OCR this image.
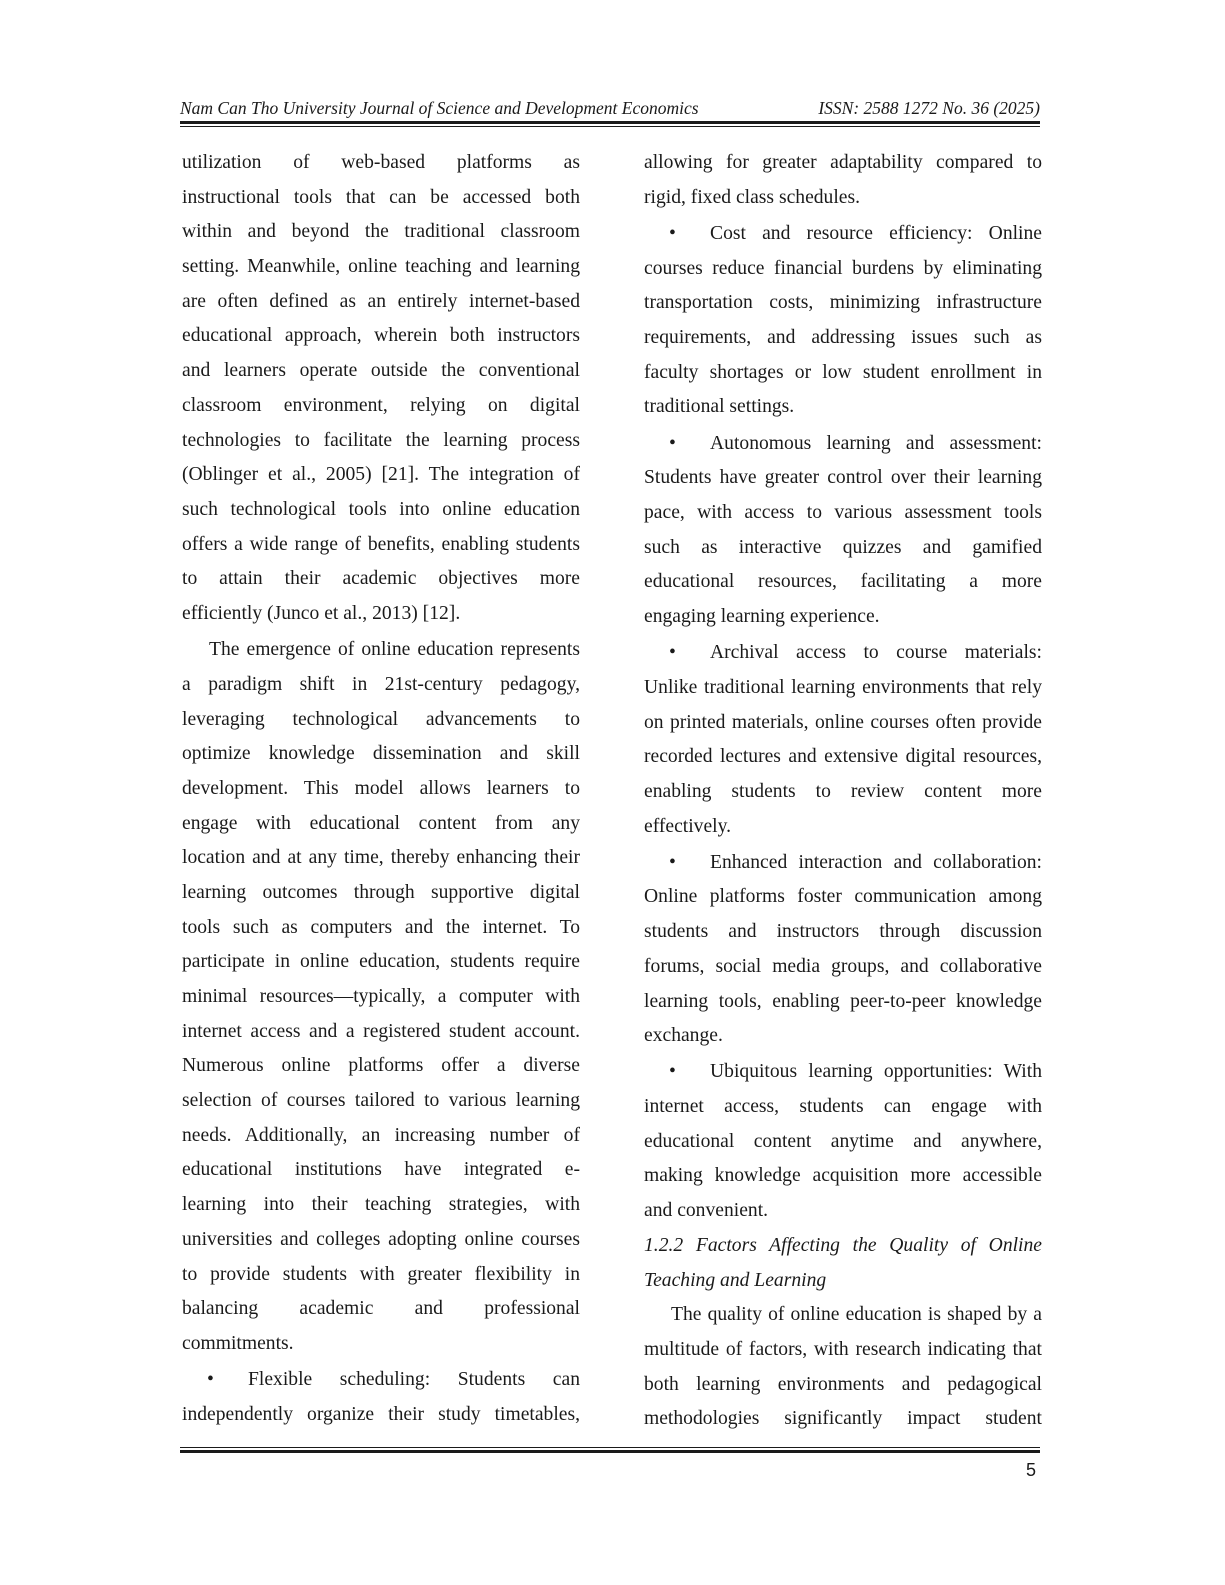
Nam Can Tho University Journal of Science and Development Economics	ISSN: 2588 1272 No. 36 (2025)
utilization of web-based platforms as
instructional tools that can be accessed both
within and beyond the traditional classroom
setting. Meanwhile, online teaching and learning
are often defined as an entirely internet-based
educational approach, wherein both instructors
and learners operate outside the conventional
classroom environment, relying on digital
technologies to facilitate the learning process
(Oblinger et al., 2005) [21]. The integration of
such technological tools into online education
offers a wide range of benefits, enabling students
to attain their academic objectives more
efficiently (Junco et al., 2013) [12].
The emergence of online education represents
a paradigm shift in 21st-century pedagogy,
leveraging technological advancements to
optimize knowledge dissemination and skill
development. This model allows learners to
engage with educational content from any
location and at any time, thereby enhancing their
learning outcomes through supportive digital
tools such as computers and the internet. To
participate in online education, students require
minimal resources—typically, a computer with
internet access and a registered student account.
Numerous online platforms offer a diverse
selection of courses tailored to various learning
needs. Additionally, an increasing number of
educational institutions have integrated e-
learning into their teaching strategies, with
universities and colleges adopting online courses
to provide students with greater flexibility in
balancing academic and professional
commitments.
• Flexible scheduling: Students can
independently organize their study timetables,
allowing for greater adaptability compared to
rigid, fixed class schedules.
• Cost and resource efficiency: Online
courses reduce financial burdens by eliminating
transportation costs, minimizing infrastructure
requirements, and addressing issues such as
faculty shortages or low student enrollment in
traditional settings.
• Autonomous learning and assessment:
Students have greater control over their learning
pace, with access to various assessment tools
such as interactive quizzes and gamified
educational resources, facilitating a more
engaging learning experience.
• Archival access to course materials:
Unlike traditional learning environments that rely
on printed materials, online courses often provide
recorded lectures and extensive digital resources,
enabling students to review content more
effectively.
• Enhanced interaction and collaboration:
Online platforms foster communication among
students and instructors through discussion
forums, social media groups, and collaborative
learning tools, enabling peer-to-peer knowledge
exchange.
• Ubiquitous learning opportunities: With
internet access, students can engage with
educational content anytime and anywhere,
making knowledge acquisition more accessible
and convenient.
1.2.2 Factors Affecting the Quality of Online
Teaching and Learning
The quality of online education is shaped by a
multitude of factors, with research indicating that
both learning environments and pedagogical
methodologies significantly impact student
5
